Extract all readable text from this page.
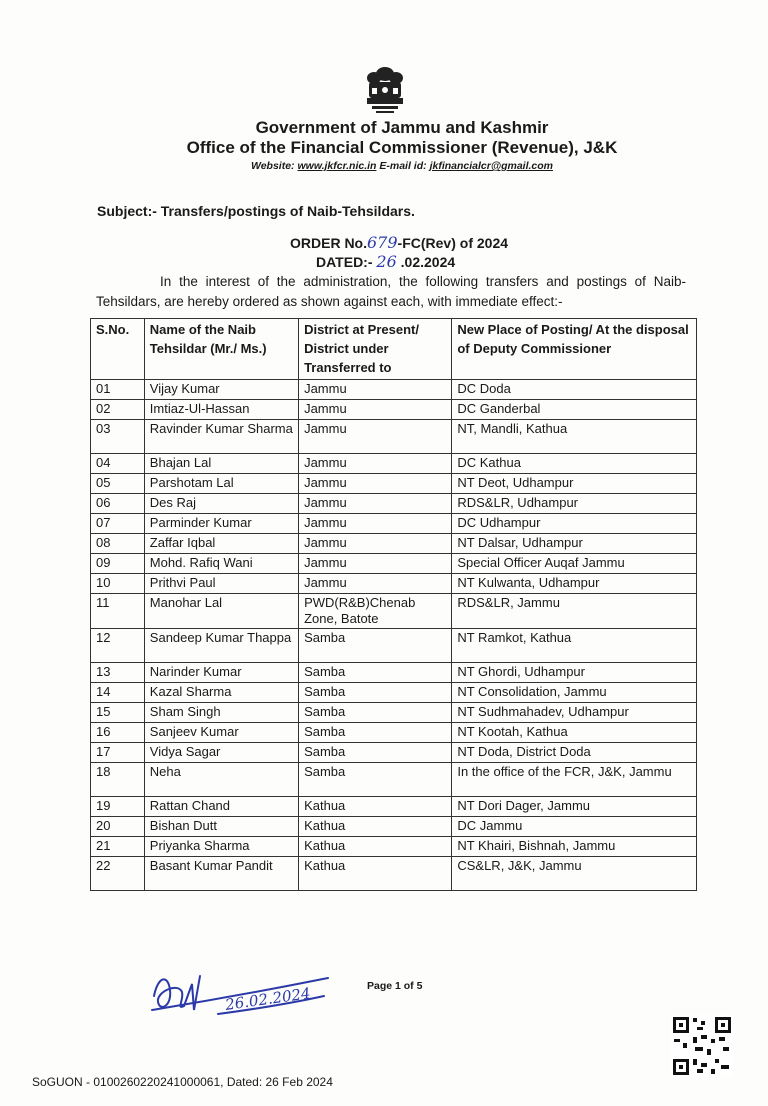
Government of Jammu and Kashmir
Office of the Financial Commissioner (Revenue), J&K
Website: www.jkfcr.nic.in E-mail id: jkfinancialcr@gmail.com
Subject:- Transfers/postings of Naib-Tehsildars.
ORDER No.679-FC(Rev) of 2024
DATED:- 26 .02.2024
In the interest of the administration, the following transfers and postings of Naib-Tehsildars, are hereby ordered as shown against each, with immediate effect:-
S.No.	Name of the Naib Tehsildar (Mr./ Ms.)	District at Present/ District under Transferred to	New Place of Posting/ At the disposal of Deputy Commissioner
01	Vijay Kumar	Jammu	DC Doda
02	Imtiaz-Ul-Hassan	Jammu	DC Ganderbal
03	Ravinder Kumar Sharma	Jammu	NT, Mandli, Kathua
04	Bhajan Lal	Jammu	DC Kathua
05	Parshotam Lal	Jammu	NT Deot, Udhampur
06	Des Raj	Jammu	RDS&LR, Udhampur
07	Parminder Kumar	Jammu	DC Udhampur
08	Zaffar Iqbal	Jammu	NT Dalsar, Udhampur
09	Mohd. Rafiq Wani	Jammu	Special Officer Auqaf Jammu
10	Prithvi Paul	Jammu	NT Kulwanta, Udhampur
11	Manohar Lal	PWD(R&B)Chenab Zone, Batote	RDS&LR, Jammu
12	Sandeep Kumar Thappa	Samba	NT Ramkot, Kathua
13	Narinder Kumar	Samba	NT Ghordi, Udhampur
14	Kazal Sharma	Samba	NT Consolidation, Jammu
15	Sham Singh	Samba	NT Sudhmahadev, Udhampur
16	Sanjeev Kumar	Samba	NT Kootah, Kathua
17	Vidya Sagar	Samba	NT Doda, District Doda
18	Neha	Samba	In the office of the FCR, J&K, Jammu
19	Rattan Chand	Kathua	NT Dori Dager, Jammu
20	Bishan Dutt	Kathua	DC Jammu
21	Priyanka Sharma	Kathua	NT Khairi, Bishnah, Jammu
22	Basant Kumar Pandit	Kathua	CS&LR, J&K, Jammu
26.02.2024	Page 1 of 5
SoGUON - 0100260220241000061, Dated: 26 Feb 2024
